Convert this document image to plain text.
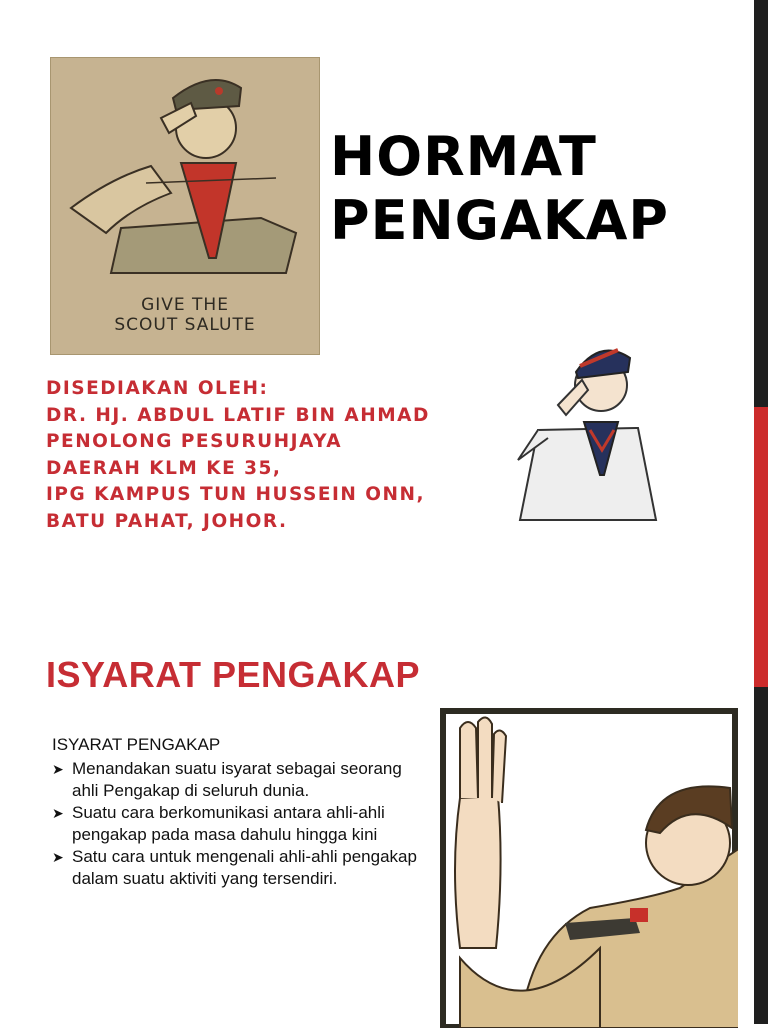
GIVE THE
SCOUT SALUTE
HORMAT
PENGAKAP
DISEDIAKAN OLEH:
DR. HJ. ABDUL LATIF BIN AHMAD
PENOLONG PESURUHJAYA
DAERAH KLM KE 35,
IPG KAMPUS TUN HUSSEIN ONN,
BATU PAHAT, JOHOR.
ISYARAT PENGAKAP
ISYARAT PENGAKAP
➤ Menandakan suatu isyarat sebagai seorang ahli Pengakap di seluruh dunia.
➤ Suatu cara berkomunikasi antara ahli-ahli pengakap pada masa dahulu hingga kini
➤ Satu cara untuk mengenali ahli-ahli pengakap dalam suatu aktiviti yang tersendiri.
